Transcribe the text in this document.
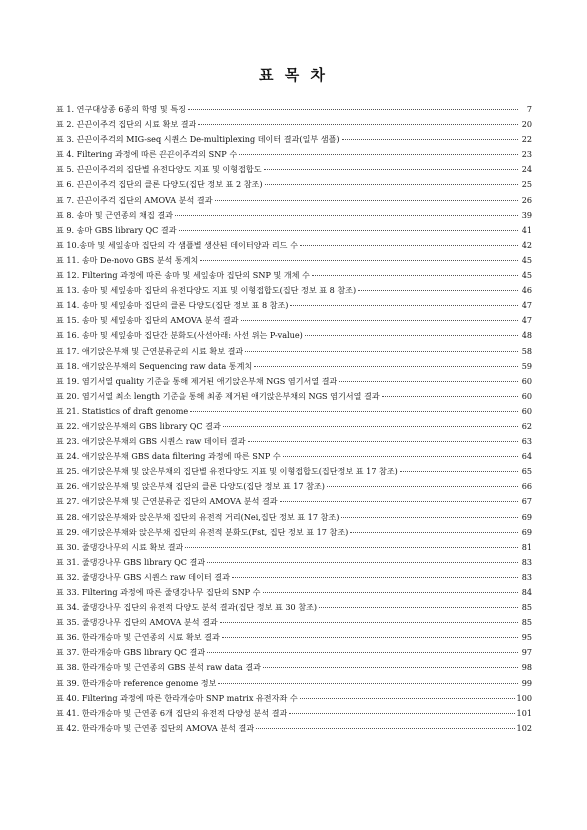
표 목 차
표 1. 연구대상종 6종의 학명 및 특징	7
표 2. 끈끈이주걱 집단의 시료 확보 결과	20
표 3. 끈끈이주걱의 MIG-seq 시퀀스 De-multiplexing 데이터 결과(일부 샘플)	22
표 4. Filtering 과정에 따른 끈끈이주걱의 SNP 수	23
표 5. 끈끈이주걱의 집단별 유전다양도 지표 및 이형접합도	24
표 6. 끈끈이주걱 집단의 클론 다양도(집단 정보 표 2 참조)	25
표 7. 끈끈이주걱 집단의 AMOVA 분석 결과	26
표 8. 송마 및 근연종의 채집 결과	39
표 9. 송마 GBS library QC 결과	41
표 10.송마 및 세잎송마 집단의 각 샘플별 생산된 데이터양과 리드 수	42
표 11. 송마 De-novo GBS 분석 통계치	45
표 12. Filtering 과정에 따른 송마 및 세잎송마 집단의 SNP 및 개체 수	45
표 13. 송마 및 세잎송마 집단의 유전다양도 지표 및 이형접합도(집단 정보 표 8 참조)	46
표 14. 송마 및 세잎송마 집단의 클론 다양도(집단 정보 표 8 참조)	47
표 15. 송마 및 세잎송마 집단의 AMOVA 분석 결과	47
표 16. 송마 및 세잎송마 집단간 분화도(사선아래: 사선 위는 P-value)	48
표 17. 애기앉은부채 및 근연분류군의 시료 확보 결과	58
표 18. 애기앉은부채의 Sequencing raw data 통계치	59
표 19. 염기서열 quality 기준을 통해 제거된 애기앉은부채 NGS 염기서열 결과	60
표 20. 염기서열 최소 length 기준을 통해 최종 제거된 애기앉은부채의 NGS 염기서열 결과	60
표 21. Statistics of draft genome	60
표 22. 애기앉은부채의 GBS library QC 결과	62
표 23. 애기앉은부채의 GBS 시퀀스 raw 데이터 결과	63
표 24. 애기앉은부채 GBS data filtering 과정에 따른 SNP 수	64
표 25. 애기앉은부채 및 앉은부채의 집단별 유전다양도 지표 및 이형접합도(집단정보 표 17 참조)	65
표 26. 애기앉은부채 및 앉은부채 집단의 클론 다양도(집단 정보 표 17 참조)	66
표 27. 애기앉은부채 및 근연분류군 집단의 AMOVA 분석 결과	67
표 28. 애기앉은부채와 앉은부채 집단의 유전적 거리(Nei,집단 정보 표 17 참조)	69
표 29. 애기앉은부채와 앉은부채 집단의 유전적 분화도(Fst, 집단 정보 표 17 참조)	69
표 30. 줄댕강나무의 시료 확보 결과	81
표 31. 줄댕강나무 GBS library QC 결과	83
표 32. 줄댕강나무 GBS 시퀀스 raw 데이터 결과	83
표 33. Filtering 과정에 따른 줄댕강나무 집단의 SNP 수	84
표 34. 줄댕강나무 집단의 유전적 다양도 분석 결과(집단 정보 표 30 참조)	85
표 35. 줄댕강나무 집단의 AMOVA 분석 결과	85
표 36. 한라개승마 및 근연종의 시료 확보 결과	95
표 37. 한라개승마 GBS library QC 결과	97
표 38. 한라개승마 및 근연종의 GBS 분석 raw data 결과	98
표 39. 한라개승마 reference genome 정보	99
표 40. Filtering 과정에 따른 한라개승마 SNP matrix 유전자좌 수	100
표 41. 한라개승마 및 근연종 6개 집단의 유전적 다양성 분석 결과	101
표 42. 한라개승마 및 근연종 집단의 AMOVA 분석 결과	102
